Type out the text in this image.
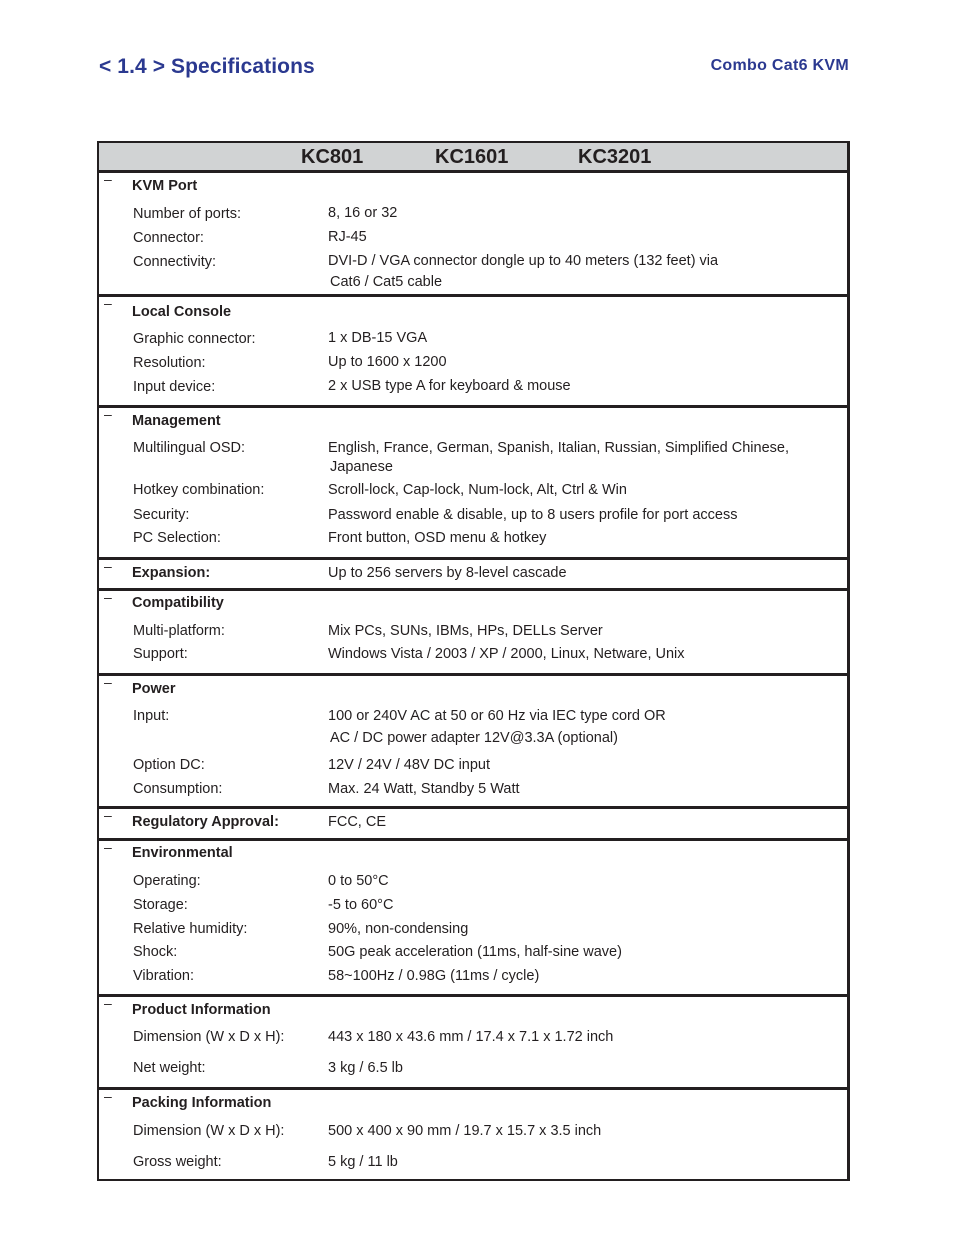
< 1.4 > Specifications	Combo Cat6 KVM
KC801	KC1601	KC3201
– KVM Port
Number of ports:	8, 16 or 32
Connector:	RJ-45
Connectivity:	DVI-D / VGA connector dongle up to 40 meters (132 feet) via
Cat6 / Cat5 cable
–
Local Console
Graphic connector:	1 x DB-15 VGA
Resolution:	Up to 1600 x 1200
Input device:	2 x USB type A for keyboard & mouse
– Management
Multilingual OSD:	English, France, German, Spanish, Italian, Russian, Simplified Chinese,
Japanese
Hotkey combination:	Scroll-lock, Cap-lock, Num-lock, Alt, Ctrl & Win
Security:	Password enable & disable, up to 8 users profile for port access
PC Selection:	Front button, OSD menu & hotkey
– Expansion:	Up to 256 servers by 8-level cascade
– Compatibility
Multi-platform:	Mix PCs, SUNs, IBMs, HPs, DELLs Server
Support:	Windows Vista / 2003 / XP / 2000, Linux, Netware, Unix
– Power
Input:	100 or 240V AC at 50 or 60 Hz via IEC type cord OR
AC / DC power adapter 12V@3.3A (optional)
Option DC:	12V / 24V / 48V DC input
Consumption:	Max. 24 Watt, Standby 5 Watt
– Regulatory Approval:	FCC, CE
– Environmental
Operating:	0 to 50°C
Storage:	-5 to 60°C
Relative humidity:	90%, non-condensing
Shock:	50G peak acceleration (11ms, half-sine wave)
Vibration:	58~100Hz / 0.98G (11ms / cycle)
– Product Information
Dimension (W x D x H):	443 x 180 x 43.6 mm / 17.4 x 7.1 x 1.72 inch
Net weight:	3 kg / 6.5 lb
– Packing Information
Dimension (W x D x H):	500 x 400 x 90 mm / 19.7 x 15.7 x 3.5 inch
Gross weight:	5 kg / 11 lb
